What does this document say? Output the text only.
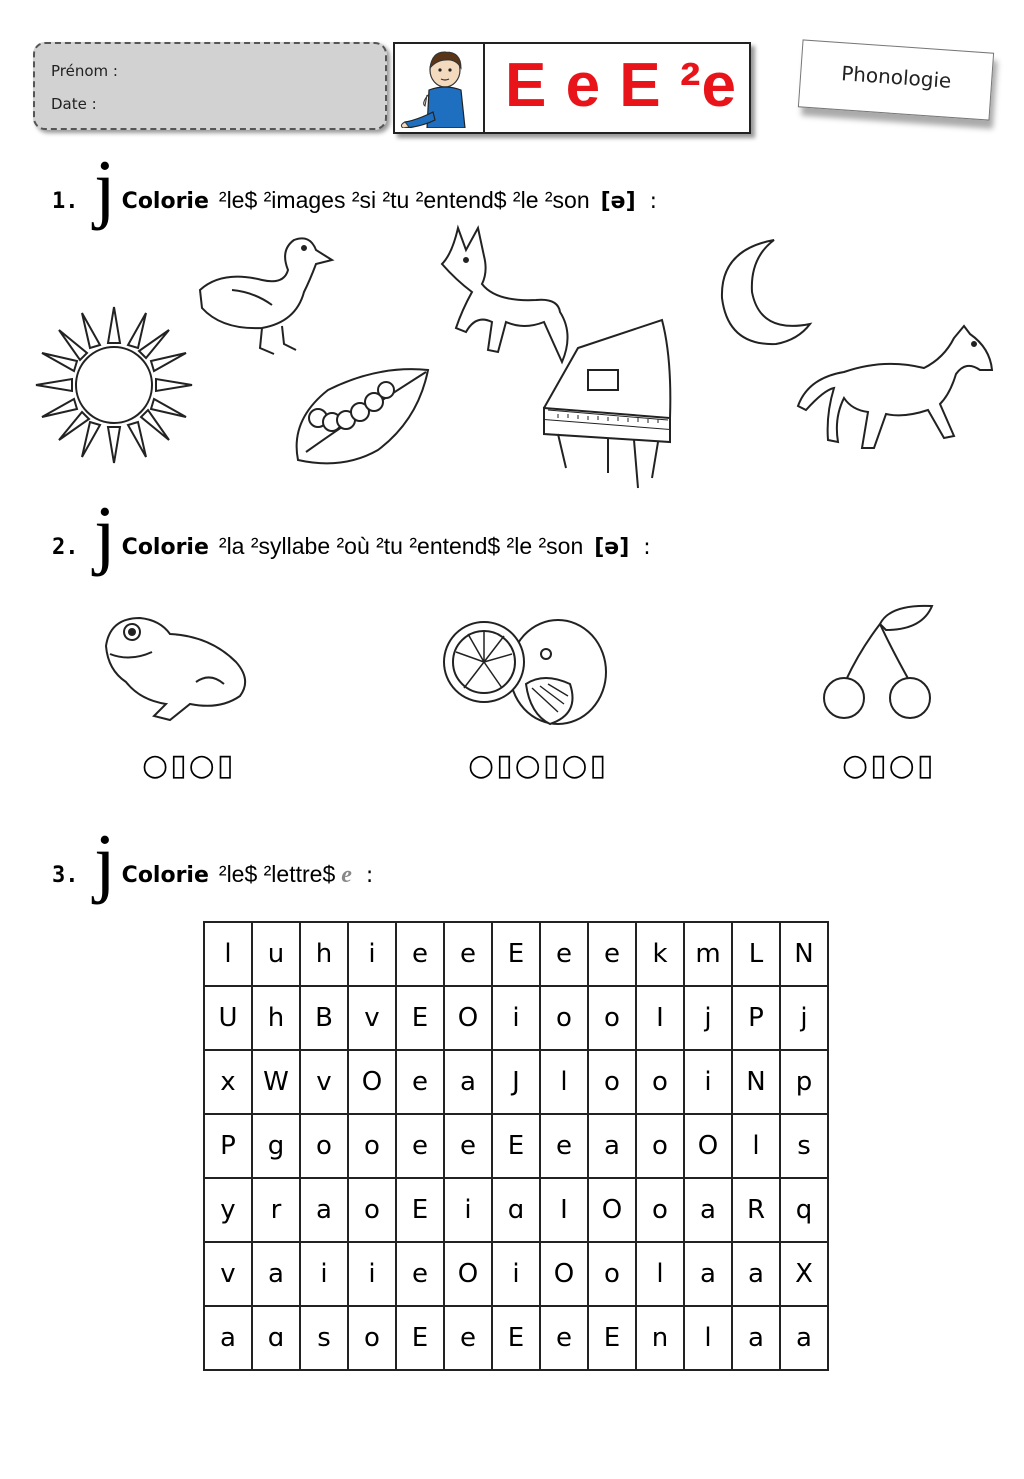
Prénom :
Date :	E e E ²e	Phonologie
1. j Colorie ²le$ ²images ²si ²tu ²entend$ ²le ²son [ə] :
2. j Colorie ²la ²syllabe ²où ²tu ²entend$ ²le ²son [ə] :
○▯○▯	○▯○▯○▯	○▯○▯
3. j Colorie ²le$ ²lettre$ e :
l	u	h	i	e	e	E	e	e	k	m	L	N
U	h	B	v	E	O	i	o	o	I	j	P	j
x	W	v	O	e	a	J	l	o	o	i	N	p
P	g	o	o	e	e	E	e	a	o	O	l	s
y	r	a	o	E	i	ɑ	I	O	o	a	R	q
v	a	i	i	e	O	i	O	o	l	a	a	X
a	ɑ	s	o	E	e	E	e	E	n	l	a	a
